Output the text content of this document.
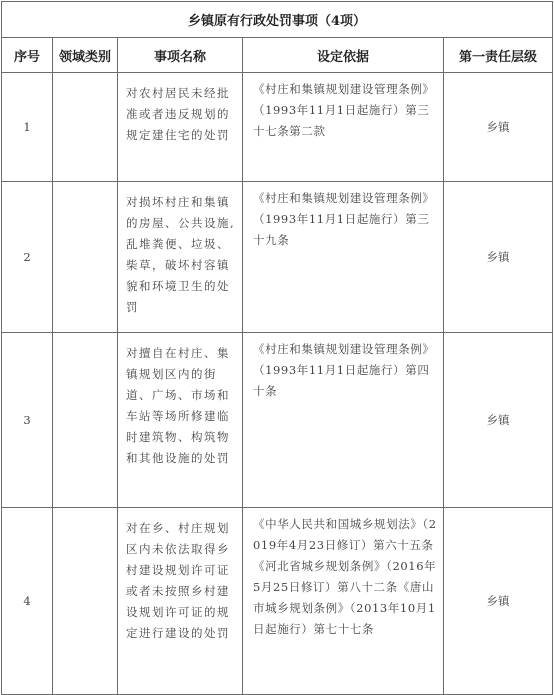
乡镇原有行政处罚事项（4项）				
序号	领域类别	事项名称	设定依据	第一责任层级
1		对农村居民未经批准或者违反规划的规定建住宅的处罚	《村庄和集镇规划建设管理条例》（1993年11月1日起施行）第三十七条第二款	乡镇
2		对损坏村庄和集镇的房屋、公共设施,乱堆粪便、垃圾、柴草，破坏村容镇貌和环境卫生的处罚	《村庄和集镇规划建设管理条例》（1993年11月1日起施行）第三十九条	乡镇
3		对擅自在村庄、集镇规划区内的街道、广场、市场和车站等场所修建临时建筑物、构筑物和其他设施的处罚	《村庄和集镇规划建设管理条例》（1993年11月1日起施行）第四十条	乡镇
4		对在乡、村庄规划区内未依法取得乡村建设规划许可证或者未按照乡村建设规划许可证的规定进行建设的处罚	《中华人民共和国城乡规划法》（2019年4月23日修订）第六十五条《河北省城乡规划条例》（2016年5月25日修订）第八十二条《唐山市城乡规划条例》（2013年10月1日起施行）第七十七条	乡镇
